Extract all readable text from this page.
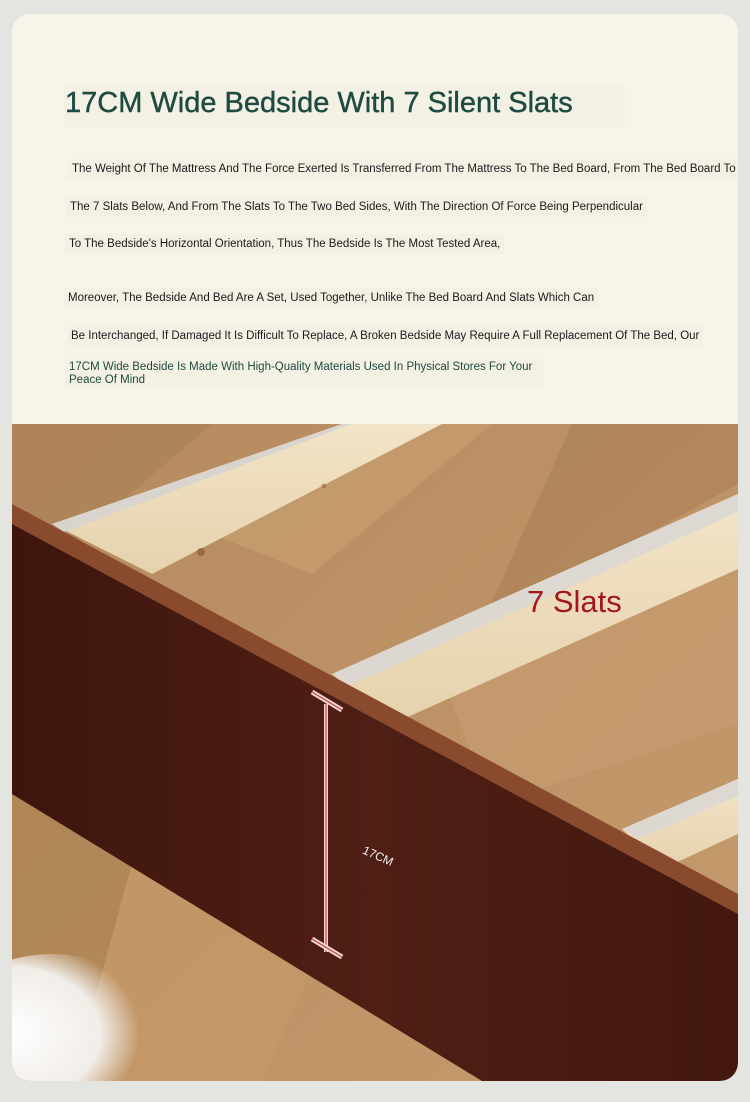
17CM Wide Bedside With 7 Silent Slats

The Weight Of The Mattress And The Force Exerted Is Transferred From The Mattress To The Bed Board, From The Bed Board To

The 7 Slats Below, And From The Slats To The Two Bed Sides, With The Direction Of Force Being Perpendicular

To The Bedside's Horizontal Orientation, Thus The Bedside Is The Most Tested Area,

Moreover, The Bedside And Bed Are A Set, Used Together, Unlike The Bed Board And Slats Which Can

Be Interchanged, If Damaged It Is Difficult To Replace, A Broken Bedside May Require A Full Replacement Of The Bed, Our

17CM Wide Bedside Is Made With High-Quality Materials Used In Physical Stores For Your Peace Of Mind

7 Slats
17CM
